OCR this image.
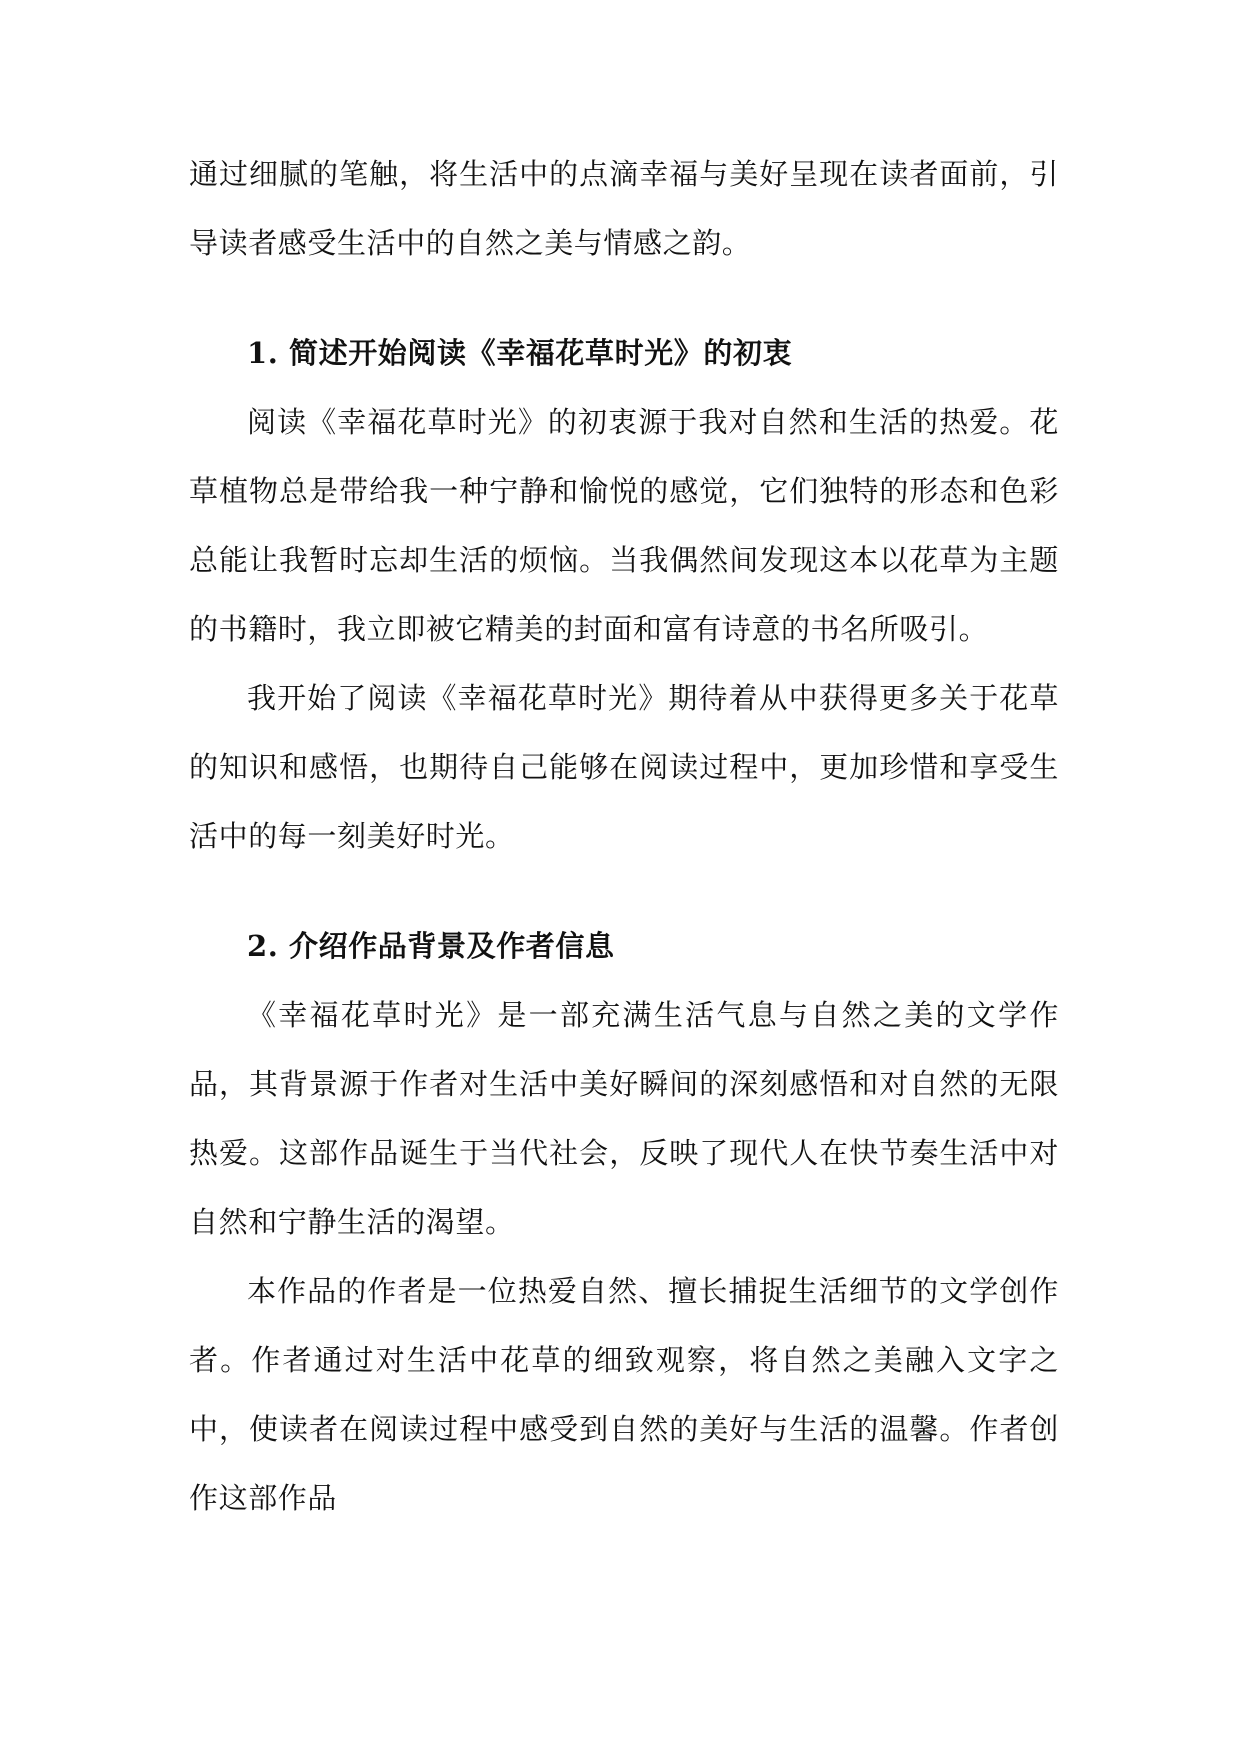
通过细腻的笔触，将生活中的点滴幸福与美好呈现在读者面前，引导读者感受生活中的自然之美与情感之韵。

1. 简述开始阅读《幸福花草时光》的初衷

阅读《幸福花草时光》的初衷源于我对自然和生活的热爱。花草植物总是带给我一种宁静和愉悦的感觉，它们独特的形态和色彩总能让我暂时忘却生活的烦恼。当我偶然间发现这本以花草为主题的书籍时，我立即被它精美的封面和富有诗意的书名所吸引。

我开始了阅读《幸福花草时光》期待着从中获得更多关于花草的知识和感悟，也期待自己能够在阅读过程中，更加珍惜和享受生活中的每一刻美好时光。

2. 介绍作品背景及作者信息

《幸福花草时光》是一部充满生活气息与自然之美的文学作品，其背景源于作者对生活中美好瞬间的深刻感悟和对自然的无限热爱。这部作品诞生于当代社会，反映了现代人在快节奏生活中对自然和宁静生活的渴望。

本作品的作者是一位热爱自然、擅长捕捉生活细节的文学创作者。作者通过对生活中花草的细致观察，将自然之美融入文字之中，使读者在阅读过程中感受到自然的美好与生活的温馨。作者创作这部作品
